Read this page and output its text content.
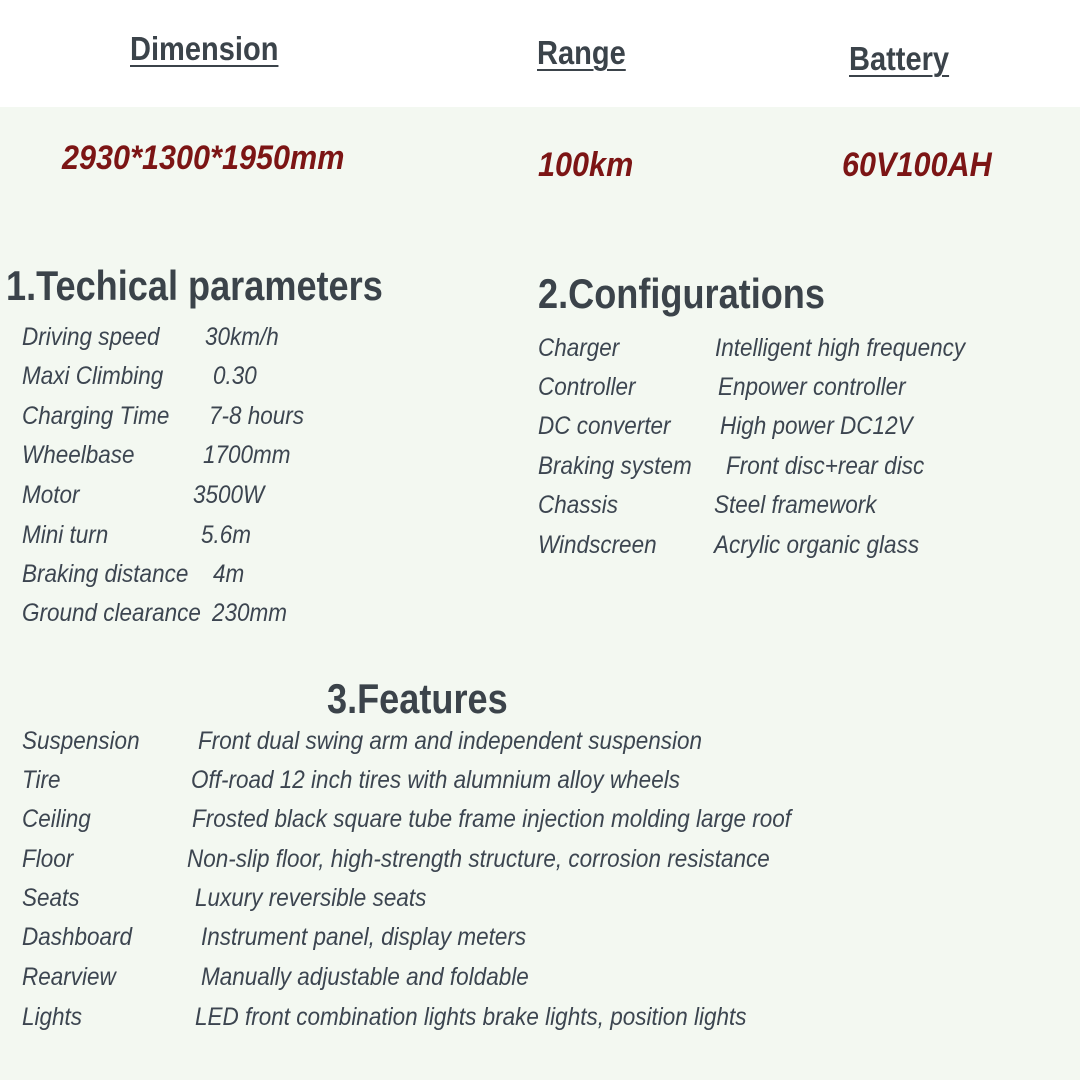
Dimension	Range	Battery
2930*1300*1950mm	100km	60V100AH
1.Techical parameters
Driving speed 30km/h
Maxi Climbing 0.30
Charging Time 7-8 hours
Wheelbase	1700mm
Motor	3500W
Mini turn	5.6m
Braking distance 4m
Ground clearance 230mm
2.Configurations
Charger	Intelligent high frequency
Controller	Enpower controller
DC converter High power DC12V
Braking system Front disc+rear disc
Chassis	Steel framework
Windscreen Acrylic organic glass
3.Features
Suspension Front dual swing arm and independent suspension
Tire	Off-road 12 inch tires with alumnium alloy wheels
Ceiling	Frosted black square tube frame injection molding large roof
Floor	Non-slip floor, high-strength structure, corrosion resistance
Seats	Luxury reversible seats
Dashboard	Instrument panel, display meters
Rearview	Manually adjustable and foldable
Lights	LED front combination lights brake lights, position lights
